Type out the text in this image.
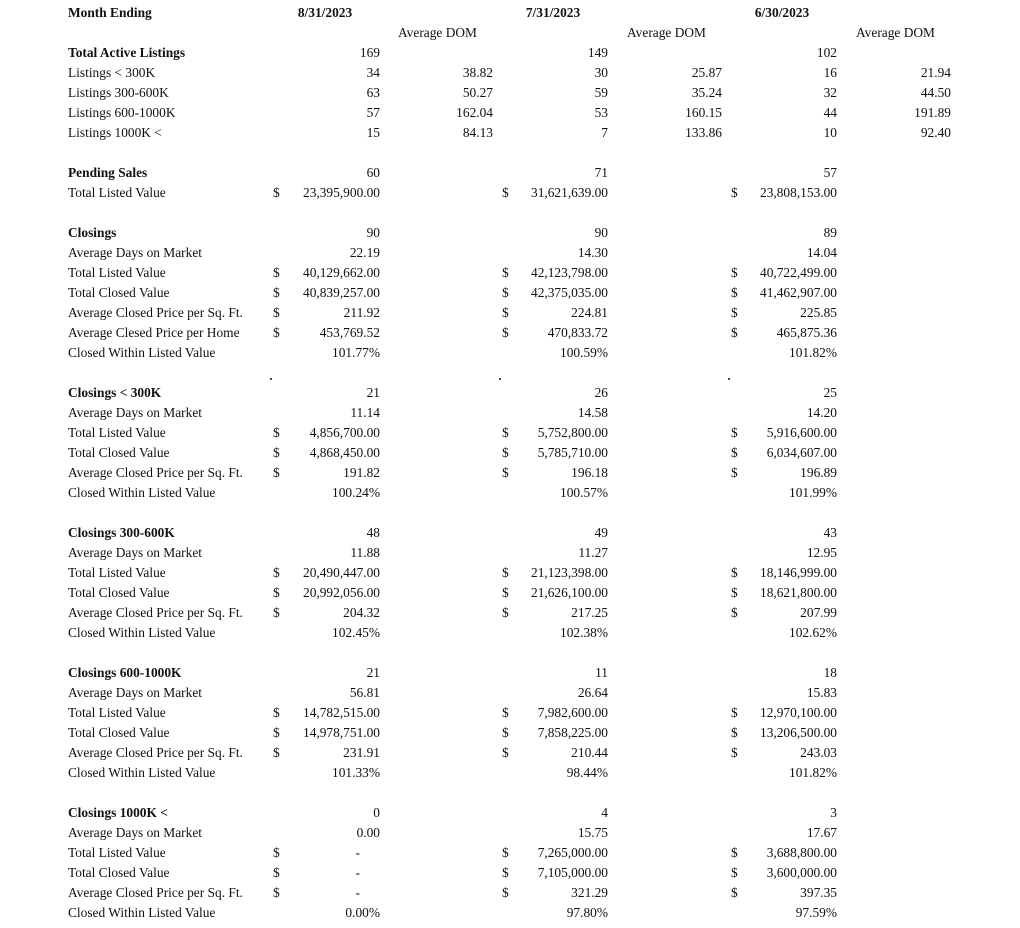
Month Ending	8/31/2023	7/31/2023	6/30/2023
Average DOM	Average DOM	Average DOM
Total Active Listings	169	149	102
Listings < 300K	34	38.82	30	25.87	16	21.94
Listings 300-600K	63	50.27	59	35.24	32	44.50
Listings 600-1000K	57	162.04	53	160.15	44	191.89
Listings 1000K <	15	84.13	7	133.86	10	92.40
Pending Sales	60	71	57
Total Listed Value	$	23,395,900.00	$	31,621,639.00	$	23,808,153.00
Closings	90	90	89
Average Days on Market	22.19	14.30	14.04
Total Listed Value	$	40,129,662.00	$	42,123,798.00	$	40,722,499.00
Total Closed Value	$	40,839,257.00	$	42,375,035.00	$	41,462,907.00
Average Closed Price per Sq. Ft. $	211.92	$	224.81	$	225.85
Average Clesed Price per Home $	453,769.52	$	470,833.72	$	465,875.36
Closed Within Listed Value	101.77%	100.59%	101.82%
Closings < 300K	21	26	25
Average Days on Market	11.14	14.58	14.20
Total Listed Value	$	4,856,700.00	$	5,752,800.00	$	5,916,600.00
Total Closed Value	$	4,868,450.00	$	5,785,710.00	$	6,034,607.00
Average Closed Price per Sq. Ft. $	191.82	$	196.18	$	196.89
Closed Within Listed Value	100.24%	100.57%	101.99%
Closings 300-600K	48	49	43
Average Days on Market	11.88	11.27	12.95
Total Listed Value	$	20,490,447.00	$	21,123,398.00	$	18,146,999.00
Total Closed Value	$	20,992,056.00	$	21,626,100.00	$	18,621,800.00
Average Closed Price per Sq. Ft. $	204.32	$	217.25	$	207.99
Closed Within Listed Value	102.45%	102.38%	102.62%
Closings 600-1000K	21	11	18
Average Days on Market	56.81	26.64	15.83
Total Listed Value	$	14,782,515.00	$	7,982,600.00	$	12,970,100.00
Total Closed Value	$	14,978,751.00	$	7,858,225.00	$	13,206,500.00
Average Closed Price per Sq. Ft. $	231.91	$	210.44	$	243.03
Closed Within Listed Value	101.33%	98.44%	101.82%
Closings 1000K <	0	4	3
Average Days on Market	0.00	15.75	17.67
Total Listed Value	$	-	$	7,265,000.00	$	3,688,800.00
Total Closed Value	$	-	$	7,105,000.00	$	3,600,000.00
Average Closed Price per Sq. Ft. $	-	$	321.29	$	397.35
Closed Within Listed Value	0.00%	97.80%	97.59%
